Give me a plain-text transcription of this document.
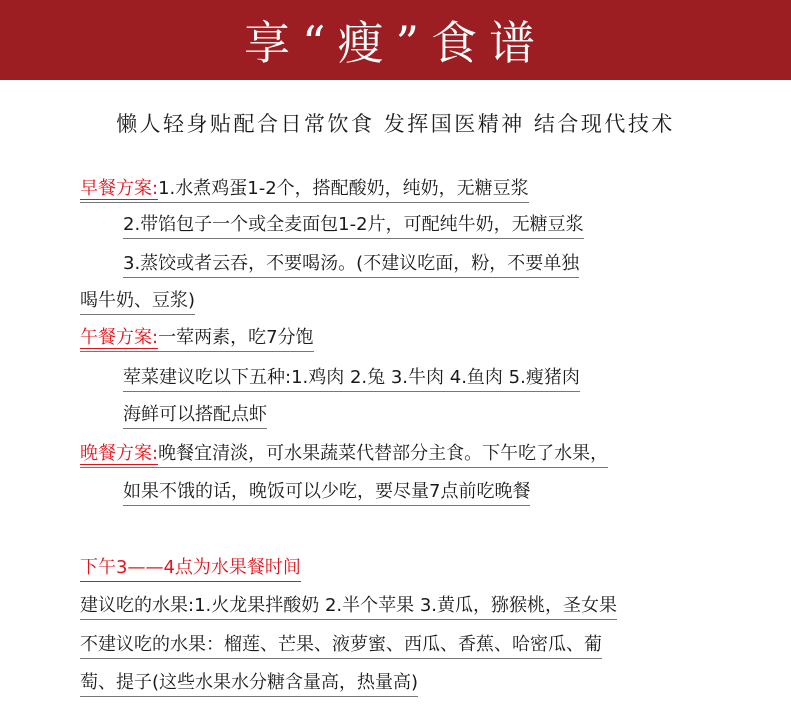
享“瘦”食谱
懒人轻身贴配合日常饮食 发挥国医精神 结合现代技术
早餐方案:1.水煮鸡蛋1-2个，搭配酸奶，纯奶，无糖豆浆
2.带馅包子一个或全麦面包1-2片，可配纯牛奶，无糖豆浆
3.蒸饺或者云吞，不要喝汤。(不建议吃面，粉，不要单独
喝牛奶、豆浆)
午餐方案:一荤两素，吃7分饱
荤菜建议吃以下五种:1.鸡肉 2.兔 3.牛肉 4.鱼肉 5.瘦猪肉
海鲜可以搭配点虾
晚餐方案:晚餐宜清淡，可水果蔬菜代替部分主食。下午吃了水果，
如果不饿的话，晚饭可以少吃，要尽量7点前吃晚餐
下午3——4点为水果餐时间
建议吃的水果:1.火龙果拌酸奶 2.半个苹果 3.黄瓜，猕猴桃，圣女果
不建议吃的水果：榴莲、芒果、液萝蜜、西瓜、香蕉、哈密瓜、葡
萄、提子(这些水果水分糖含量高，热量高)
